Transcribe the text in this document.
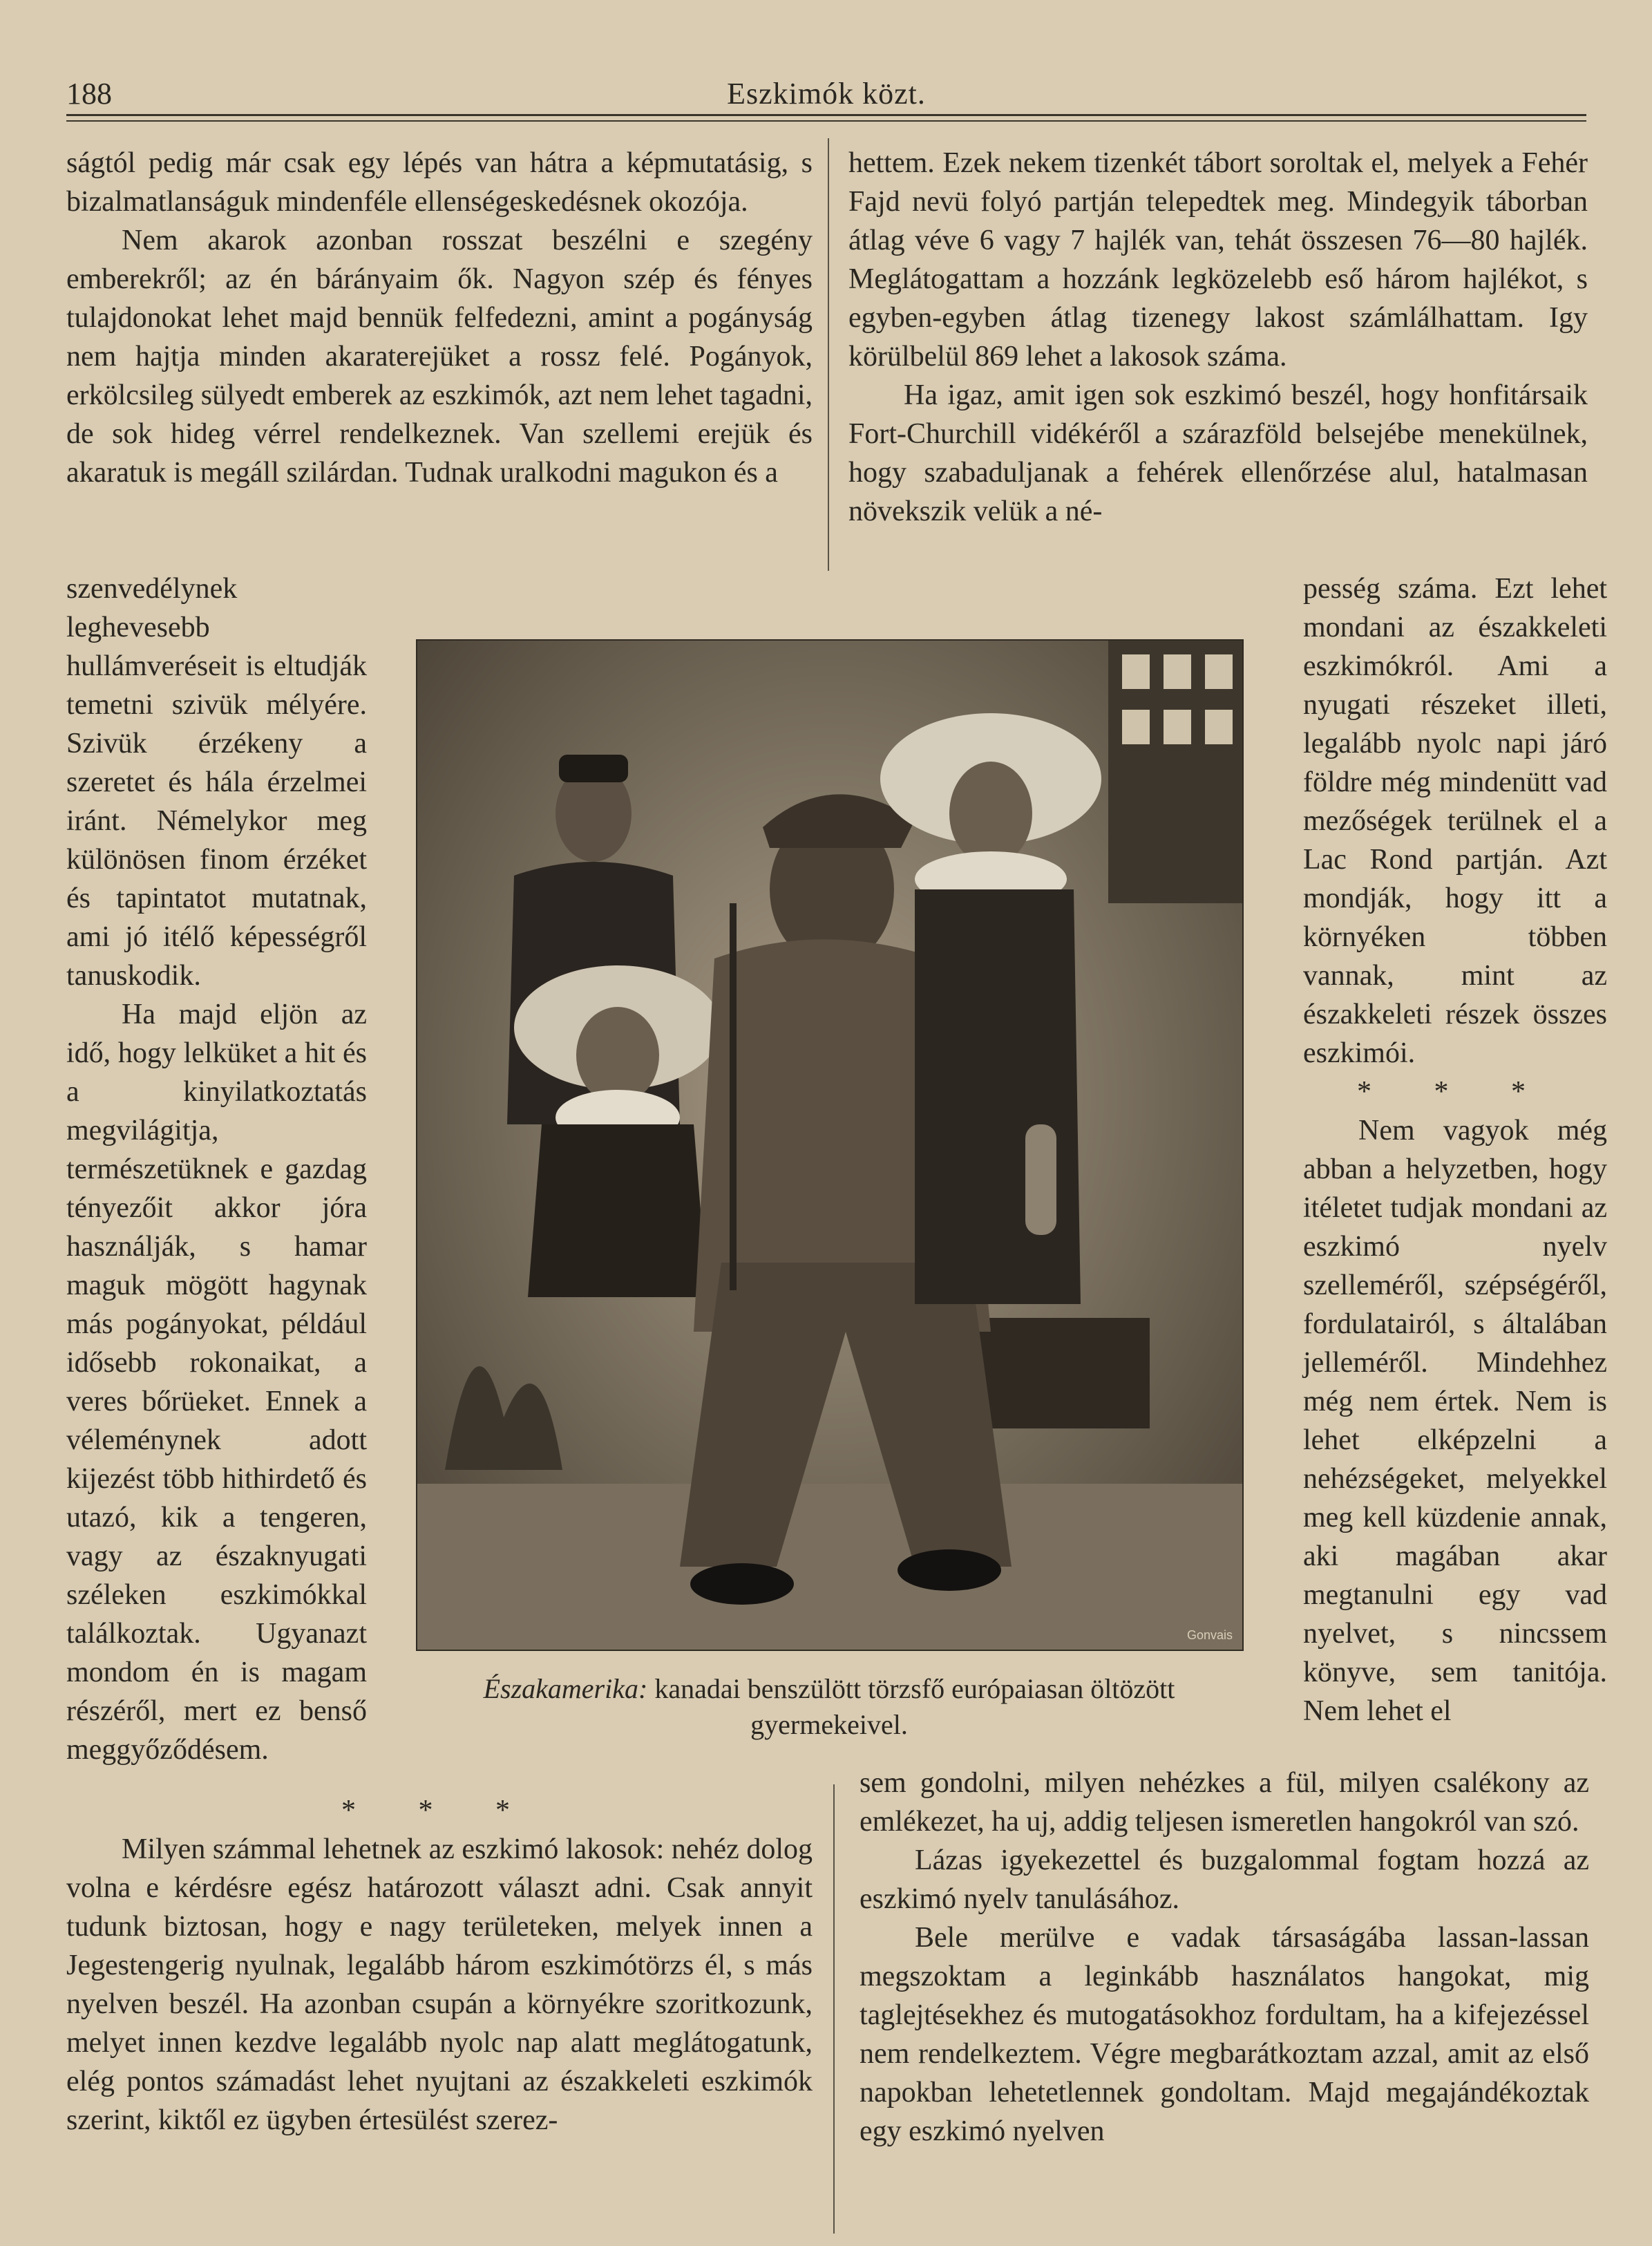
188	Eszkimók közt.

ságtól pedig már csak egy lépés van hátra a képmutatásig, s bizalmatlanságuk mindenféle ellenségeskedésnek okozója.

Nem akarok azonban rosszat beszélni e szegény emberekről; az én bárányaim ők. Nagyon szép és fényes tulajdonokat lehet majd bennük felfedezni, amint a pogányság nem hajtja minden akaraterejüket a rossz felé. Pogányok, erkölcsileg sülyedt emberek az eszkimók, azt nem lehet tagadni, de sok hideg vérrel rendelkeznek. Van szellemi erejük és akaratuk is megáll szilárdan. Tudnak uralkodni magukon és a

szenvedélynek leghevesebb hullámveréseit is eltudják temetni szivük mélyére. Szivük érzékeny a szeretet és hála érzelmei iránt. Némelykor meg különösen finom érzéket és tapintatot mutatnak, ami jó itélő képességről tanuskodik.

Ha majd eljön az idő, hogy lelküket a hit és a kinyilatkoztatás megvilágitja, természetüknek e gazdag tényezőit akkor jóra használják, s hamar maguk mögött hagynak más pogányokat, például idősebb rokonaikat, a veres bőrüeket. Ennek a véleménynek adott kijezést több hithirdető és utazó, kik a tengeren, vagy az északnyugati széleken eszkimókkal találkoztak. Ugyanazt mondom én is magam részéről, mert ez benső meggyőződésem.

* * *

Milyen számmal lehetnek az eszkimó lakosok: nehéz dolog volna e kérdésre egész határozott választ adni. Csak annyit tudunk biztosan, hogy e nagy területeken, melyek innen a Jegestengerig nyulnak, legalább három eszkimótörzs él, s más nyelven beszél. Ha azonban csupán a környékre szoritkozunk, melyet innen kezdve legalább nyolc nap alatt meglátogatunk, elég pontos számadást lehet nyujtani az északkeleti eszkimók szerint, kiktől ez ügyben értesülést szerez-

hettem. Ezek nekem tizenkét tábort soroltak el, melyek a Fehér Fajd nevü folyó partján telepedtek meg. Mindegyik táborban átlag véve 6 vagy 7 hajlék van, tehát összesen 76—80 hajlék. Meglátogattam a hozzánk legközelebb eső három hajlékot, s egyben-egyben átlag tizenegy lakost számlálhattam. Igy körülbelül 869 lehet a lakosok száma.

Ha igaz, amit igen sok eszkimó beszél, hogy honfitársaik Fort-Churchill vidékéről a szárazföld belsejébe menekülnek, hogy szabaduljanak a fehérek ellenőrzése alul, hatalmasan növekszik velük a né-

pesség száma. Ezt lehet mondani az északkeleti eszkimókról. Ami a nyugati részeket illeti, legalább nyolc napi járó földre még mindenütt vad mezőségek terülnek el a Lac Rond partján. Azt mondják, hogy itt a környéken többen vannak, mint az északkeleti részek összes eszkimói.

* * *

Nem vagyok még abban a helyzetben, hogy itéletet tudjak mondani az eszkimó nyelv szelleméről, szépségéről, fordulatairól, s általában jelleméről. Mindehhez még nem értek. Nem is lehet elképzelni a nehézségeket, melyekkel meg kell küzdenie annak, aki magában akar megtanulni egy vad nyelvet, s nincssem könyve, sem tanitója. Nem lehet el

sem gondolni, milyen nehézkes a fül, milyen csalékony az emlékezet, ha uj, addig teljesen ismeretlen hangokról van szó.

Lázas igyekezettel és buzgalommal fogtam hozzá az eszkimó nyelv tanulásához.

Bele merülve e vadak társaságába lassan-lassan megszoktam a leginkább használatos hangokat, mig taglejtésekhez és mutogatásokhoz fordultam, ha a kifejezéssel nem rendelkeztem. Végre megbarátkoztam azzal, amit az első napokban lehetetlennek gondoltam. Majd megajándékoztak egy eszkimó nyelven

Gonvais
Északamerika: kanadai benszülött törzsfő európaiasan öltözött gyermekeivel.
